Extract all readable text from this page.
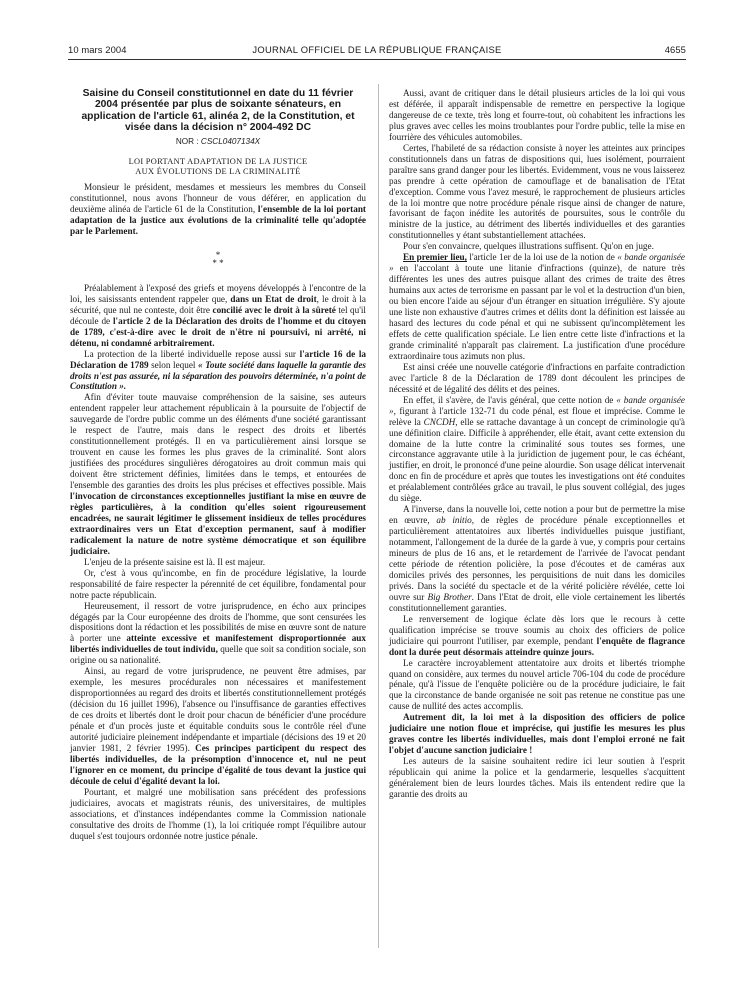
10 mars 2004	JOURNAL OFFICIEL DE LA RÉPUBLIQUE FRANÇAISE	4655
Saisine du Conseil constitutionnel en date du 11 février 2004 présentée par plus de soixante sénateurs, en application de l'article 61, alinéa 2, de la Constitution, et visée dans la décision n° 2004-492 DC
NOR : CSCL0407134X
LOI PORTANT ADAPTATION DE LA JUSTICE
AUX ÉVOLUTIONS DE LA CRIMINALITÉ

Monsieur le président, mesdames et messieurs les membres du Conseil constitutionnel, nous avons l'honneur de vous déférer, en application du deuxième alinéa de l'article 61 de la Constitution, l'ensemble de la loi portant adaptation de la justice aux évolutions de la criminalité telle qu'adoptée par le Parlement.

*
* *

Préalablement à l'exposé des griefs et moyens développés à l'encontre de la loi, les saisissants entendent rappeler que, dans un Etat de droit, le droit à la sécurité, que nul ne conteste, doit être concilié avec le droit à la sûreté tel qu'il découle de l'article 2 de la Déclaration des droits de l'homme et du citoyen de 1789, c'est-à-dire avec le droit de n'être ni poursuivi, ni arrêté, ni détenu, ni condamné arbitrairement.

La protection de la liberté individuelle repose aussi sur l'article 16 de la Déclaration de 1789 selon lequel « Toute société dans laquelle la garantie des droits n'est pas assurée, ni la séparation des pouvoirs déterminée, n'a point de Constitution ».

Afin d'éviter toute mauvaise compréhension de la saisine, ses auteurs entendent rappeler leur attachement républicain à la poursuite de l'objectif de sauvegarde de l'ordre public comme un des éléments d'une société garantissant le respect de l'autre, mais dans le respect des droits et libertés constitutionnellement protégés. Il en va particulièrement ainsi lorsque se trouvent en cause les formes les plus graves de la criminalité. Sont alors justifiées des procédures singulières dérogatoires au droit commun mais qui doivent être strictement définies, limitées dans le temps, et entourées de l'ensemble des garanties des droits les plus précises et effectives possible. Mais l'invocation de circonstances exceptionnelles justifiant la mise en œuvre de règles particulières, à la condition qu'elles soient rigoureusement encadrées, ne saurait légitimer le glissement insidieux de telles procédures extraordinaires vers un Etat d'exception permanent, sauf à modifier radicalement la nature de notre système démocratique et son équilibre judiciaire.

L'enjeu de la présente saisine est là. Il est majeur.

Or, c'est à vous qu'incombe, en fin de procédure législative, la lourde responsabilité de faire respecter la pérennité de cet équilibre, fondamental pour notre pacte républicain.

Heureusement, il ressort de votre jurisprudence, en écho aux principes dégagés par la Cour européenne des droits de l'homme, que sont censurées les dispositions dont la rédaction et les possibilités de mise en œuvre sont de nature à porter une atteinte excessive et manifestement disproportionnée aux libertés individuelles de tout individu, quelle que soit sa condition sociale, son origine ou sa nationalité.

Ainsi, au regard de votre jurisprudence, ne peuvent être admises, par exemple, les mesures procédurales non nécessaires et manifestement disproportionnées au regard des droits et libertés constitutionnellement protégés (décision du 16 juillet 1996), l'absence ou l'insuffisance de garanties effectives de ces droits et libertés dont le droit pour chacun de bénéficier d'une procédure pénale et d'un procès juste et équitable conduits sous le contrôle réel d'une autorité judiciaire pleinement indépendante et impartiale (décisions des 19 et 20 janvier 1981, 2 février 1995). Ces principes participent du respect des libertés individuelles, de la présomption d'innocence et, nul ne peut l'ignorer en ce moment, du principe d'égalité de tous devant la justice qui découle de celui d'égalité devant la loi.

Pourtant, et malgré une mobilisation sans précédent des professions judiciaires, avocats et magistrats réunis, des universitaires, de multiples associations, et d'instances indépendantes comme la Commission nationale consultative des droits de l'homme (1), la loi critiquée rompt l'équilibre autour duquel s'est toujours ordonnée notre justice pénale.

Aussi, avant de critiquer dans le détail plusieurs articles de la loi qui vous est déférée, il apparaît indispensable de remettre en perspective la logique dangereuse de ce texte, très long et fourre-tout, où cohabitent les infractions les plus graves avec celles les moins troublantes pour l'ordre public, telle la mise en fourrière des véhicules automobiles.

Certes, l'habileté de sa rédaction consiste à noyer les atteintes aux principes constitutionnels dans un fatras de dispositions qui, lues isolément, pourraient paraître sans grand danger pour les libertés. Evidemment, vous ne vous laisserez pas prendre à cette opération de camouflage et de banalisation de l'Etat d'exception. Comme vous l'avez mesuré, le rapprochement de plusieurs articles de la loi montre que notre procédure pénale risque ainsi de changer de nature, favorisant de façon inédite les autorités de poursuites, sous le contrôle du ministre de la justice, au détriment des libertés individuelles et des garanties constitutionnelles y étant substantiellement attachées.

Pour s'en convaincre, quelques illustrations suffisent. Qu'on en juge.

En premier lieu, l'article 1er de la loi use de la notion de « bande organisée » en l'accolant à toute une litanie d'infractions (quinze), de nature très différentes les unes des autres puisque allant des crimes de traite des êtres humains aux actes de terrorisme en passant par le vol et la destruction d'un bien, ou bien encore l'aide au séjour d'un étranger en situation irrégulière. S'y ajoute une liste non exhaustive d'autres crimes et délits dont la définition est laissée au hasard des lectures du code pénal et qui ne subissent qu'incomplètement les effets de cette qualification spéciale. Le lien entre cette liste d'infractions et la grande criminalité n'apparaît pas clairement. La justification d'une procédure extraordinaire tous azimuts non plus.

Est ainsi créée une nouvelle catégorie d'infractions en parfaite contradiction avec l'article 8 de la Déclaration de 1789 dont découlent les principes de nécessité et de légalité des délits et des peines.

En effet, il s'avère, de l'avis général, que cette notion de « bande organisée », figurant à l'article 132-71 du code pénal, est floue et imprécise. Comme le relève la CNCDH, elle se rattache davantage à un concept de criminologie qu'à une définition claire. Difficile à appréhender, elle était, avant cette extension du domaine de la lutte contre la criminalité sous toutes ses formes, une circonstance aggravante utile à la juridiction de jugement pour, le cas échéant, justifier, en droit, le prononcé d'une peine alourdie. Son usage délicat intervenait donc en fin de procédure et après que toutes les investigations ont été conduites et préalablement contrôlées grâce au travail, le plus souvent collégial, des juges du siège.

A l'inverse, dans la nouvelle loi, cette notion a pour but de permettre la mise en œuvre, ab initio, de règles de procédure pénale exceptionnelles et particulièrement attentatoires aux libertés individuelles puisque justifiant, notamment, l'allongement de la durée de la garde à vue, y compris pour certains mineurs de plus de 16 ans, et le retardement de l'arrivée de l'avocat pendant cette période de rétention policière, la pose d'écoutes et de caméras aux domiciles privés des personnes, les perquisitions de nuit dans les domiciles privés. Dans la société du spectacle et de la vérité policière révélée, cette loi ouvre sur Big Brother. Dans l'Etat de droit, elle viole certainement les libertés constitutionnellement garanties.

Le renversement de logique éclate dès lors que le recours à cette qualification imprécise se trouve soumis au choix des officiers de police judiciaire qui pourront l'utiliser, par exemple, pendant l'enquête de flagrance dont la durée peut désormais atteindre quinze jours.

Le caractère incroyablement attentatoire aux droits et libertés triomphe quand on considère, aux termes du nouvel article 706-104 du code de procédure pénale, qu'à l'issue de l'enquête policière ou de la procédure judiciaire, le fait que la circonstance de bande organisée ne soit pas retenue ne constitue pas une cause de nullité des actes accomplis.

Autrement dit, la loi met à la disposition des officiers de police judiciaire une notion floue et imprécise, qui justifie les mesures les plus graves contre les libertés individuelles, mais dont l'emploi erroné ne fait l'objet d'aucune sanction judiciaire !

Les auteurs de la saisine souhaitent redire ici leur soutien à l'esprit républicain qui anime la police et la gendarmerie, lesquelles s'acquittent généralement bien de leurs lourdes tâches. Mais ils entendent redire que la garantie des droits au
